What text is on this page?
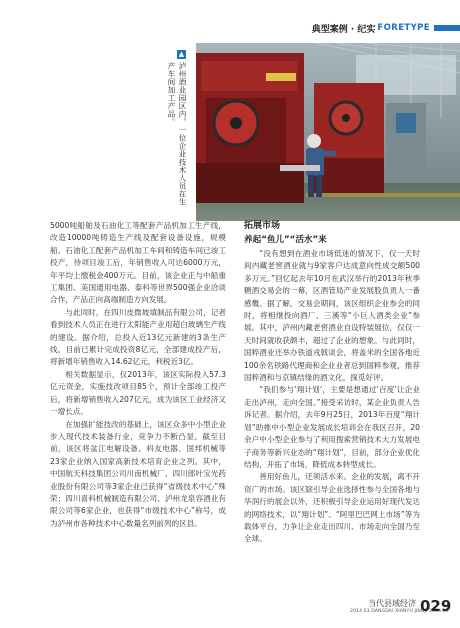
典型案例 · 纪实 FORETYPE
▲
泸州酒业园区内，一位企业技术人员在生产车间加工产品。

5000吨船舶及石油化工等配套产品机加工生产线，改造10000吨铸造生产线及配套设备设施，规模船、石油化工配套产品机加工车间和铸造车间已竣工投产，待项目竣工后，年销售收入可达6000万元，年平均上缴税金400万元。目前，该企业正与中船重工集团、美国通用电器、泰科等世界500强企业洽谈合作，产品正向高端制造方向发展。

与此同时，在四川皮微坡填制品有限公司，记者看到技术人员正在进行太阳能产业用超白玻璃生产线的建设。据介绍，总投入近13亿元新建的3条生产线，目前已累计完成投资8亿元，全部建成投产后，将新增年销售收入14.62亿元，利税近3亿。

相关数据显示，仅2013年，该区实际投入57.3亿元资金，实施技改项目85个，预计全部竣工投产后，将新增销售收入207亿元，成为该区工业经济又一增长点。

在加强扩能技改的基础上，该区众多中小型企业步入现代技术装备行业，竞争力不断凸显。截至目前，该区将盆江电解设备、科友电器、国邦机械等23家企业纳入国家高新技术培育企业之列。其中，中国航天科技集团公司川南机械厂、四川郎叶宝光药业股份有限公司等3家企业已获得“省级技术中心”殊荣；四川喜科机械制造有限公司、泸州龙泉容酒业有限公司等6家企业，也获得“市级技术中心”称号，成为泸州市各种技术中心数量名列前列的区县。

拓展市场
养起“鱼儿”“活水”来

“没有想到在酒业市场低迷的情况下，仅一天时间内藏老窖酒业就与9家客户达成意向性成交额500多万元。”回忆起去年10月在武汉举行的2013年秋季糖酒交易会的一幕，区酒管局产业发展股负责人一番感慨。据了解，交易会期间，该区组织企业参会的同时，将相继投向酒厂、三溪等“小巨人酒类企业”参展。其中，泸州内藏老窖酒业自设特装展位，仅仅一天时间就收获颇丰，超过了企业的想象。与此同时，国粹酒业还举办铁道戎戟谈会，将盖米的全国各地近100余名铁路代理商和企业业者总到国粹参观，推荐国粹酒和与京镇结缘的酒文化，探觅好评。

“我们参与‘翔计划’，主要是想通过‘百度’让企业走出泸州，走向全国。”接受采访时，某企业负责人告诉记者。据介绍，去年9月25日，2013年百度“翔计划”助推中小型企业发展成长培训会在我区召开，20余户中小型企业参与了利用搜索营销技术大力发展电子商务等新兴业态的“翔计划”，目前，部分企业优化结构，开拓了市场，降低成本转型成长。

善用好鱼儿，还须活水来。企业的发展，离不开资广的市场。该区除引导企业选择性参与全国各地与华润行的展会以外，还积极引导企业运用好现代发达的网络技术，以“翔计划”、“阿里巴巴网上市场”等为载体平台，力争让企业走出四川、市场走向全国乃至全球。

当代县域经济
2014.03 DANGDAI XIANYU JINGJI 2014.03
029
